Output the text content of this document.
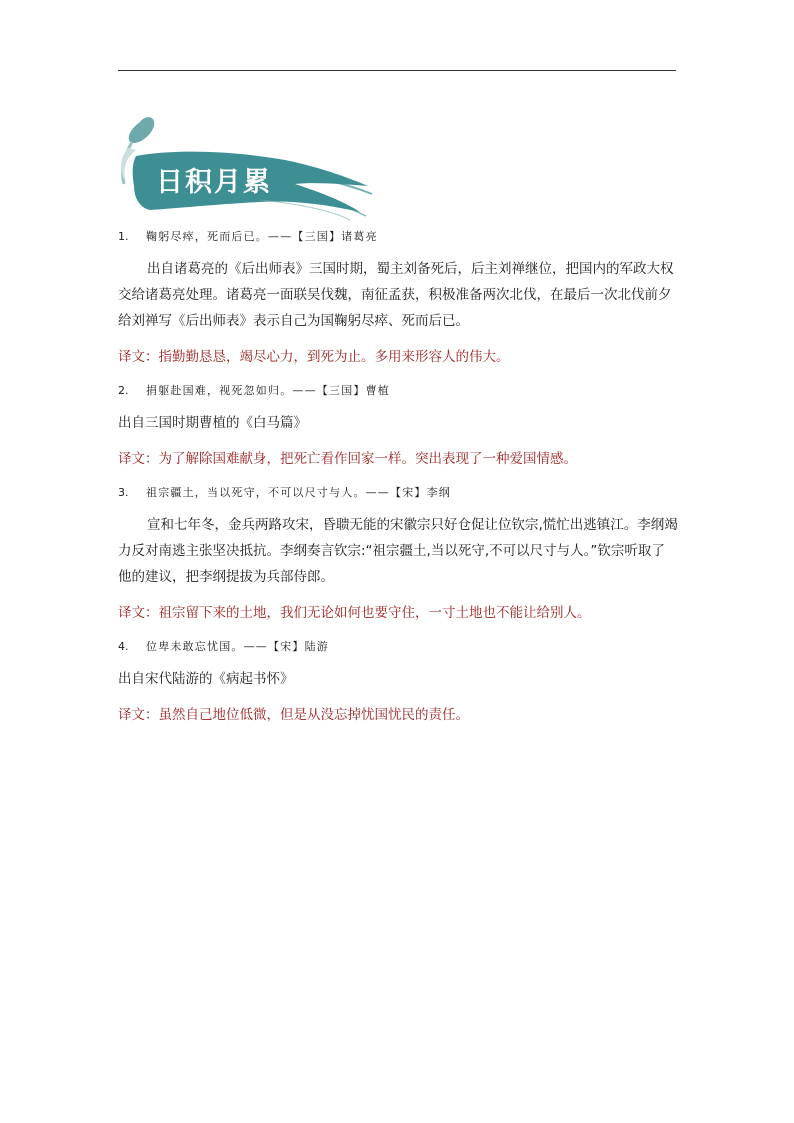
日积月累
1. 鞠躬尽瘁，死而后已。——【三国】诸葛亮

出自诸葛亮的《后出师表》三国时期，蜀主刘备死后，后主刘禅继位，把国内的军政大权交给诸葛亮处理。诸葛亮一面联吴伐魏，南征孟获，积极准备两次北伐，在最后一次北伐前夕给刘禅写《后出师表》表示自己为国鞠躬尽瘁、死而后已。

译文：指勤勤恳恳，竭尽心力，到死为止。多用来形容人的伟大。

2. 捐躯赴国难，视死忽如归。——【三国】曹植

出自三国时期曹植的《白马篇》

译文：为了解除国难献身，把死亡看作回家一样。突出表现了一种爱国情感。

3. 祖宗疆土，当以死守，不可以尺寸与人。——【宋】李纲

宣和七年冬，金兵两路攻宋，昏聩无能的宋徽宗只好仓促让位钦宗,慌忙出逃镇江。李纲竭力反对南逃主张坚决抵抗。李纲奏言钦宗:“祖宗疆土,当以死守,不可以尺寸与人。”钦宗听取了他的建议，把李纲提拔为兵部侍郎。

译文：祖宗留下来的土地，我们无论如何也要守住，一寸土地也不能让给别人。

4. 位卑未敢忘忧国。——【宋】陆游

出自宋代陆游的《病起书怀》

译文：虽然自己地位低微，但是从没忘掉忧国忧民的责任。
